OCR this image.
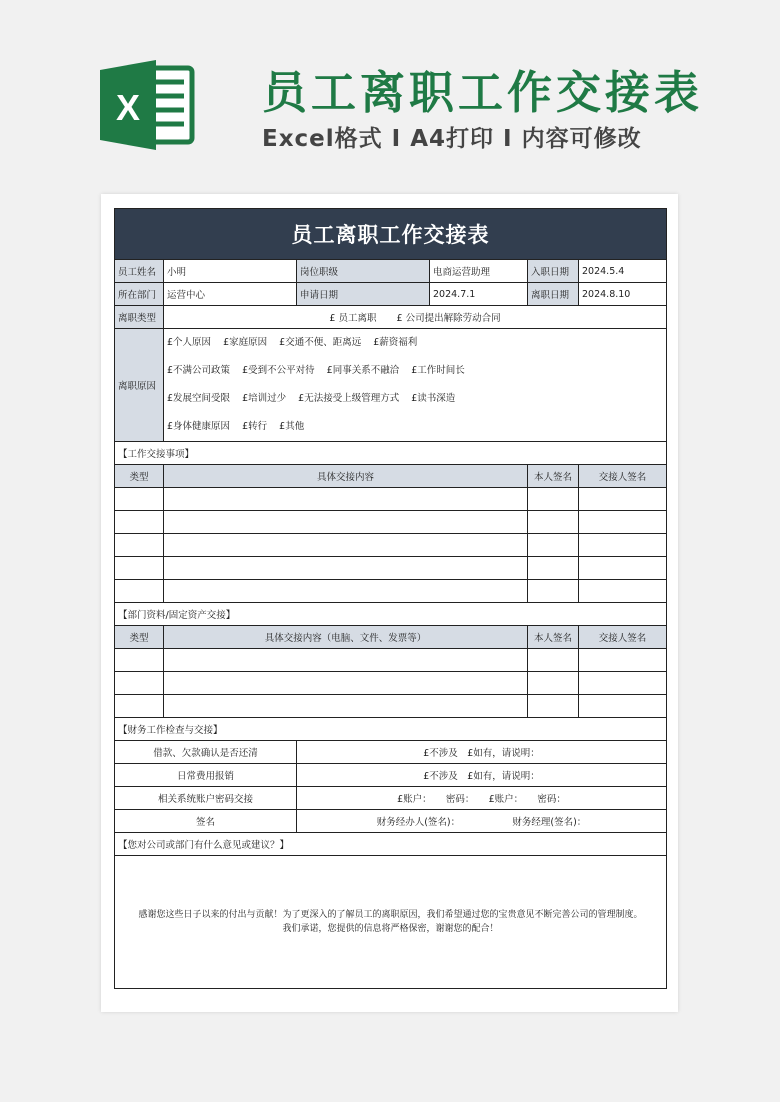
X	员工离职工作交接表
Excel格式 I A4打印 I 内容可修改
员工离职工作交接表					
员工姓名	小明	岗位职级	电商运营助理	入职日期	2024.5.4
所在部门	运营中心	申请日期	2024.7.1	离职日期	2024.8.10
离职类型	£ 员工离职 £ 公司提出解除劳动合同				
离职原因	£个人原因 £家庭原因 £交通不便、距离远 £薪资福利
£不满公司政策 £受到不公平对待 £同事关系不融洽 £工作时间长
£发展空间受限 £培训过少 £无法接受上级管理方式 £读书深造
£身体健康原因 £转行 £其他				

【工作交接事项】					
类型	具体交接内容			本人签名	交接人签名

【部门资料/固定资产交接】					
类型	具体交接内容（电脑、文件、发票等）			本人签名	交接人签名

【财务工作检查与交接】					
借款、欠款确认是否还清		£不涉及　£如有，请说明：			
日常费用报销		£不涉及　£如有，请说明：			
相关系统账户密码交接		£账户：　　密码：　　£账户：　　密码：			
签名		财务经办人(签名)：　　　　　　财务经理(签名)：			
【您对公司或部门有什么意见或建议？】					

感谢您这些日子以来的付出与贡献！为了更深入的了解员工的离职原因，我们希望通过您的宝贵意见不断完善公司的管理制度。
我们承诺，您提供的信息将严格保密，谢谢您的配合！					
